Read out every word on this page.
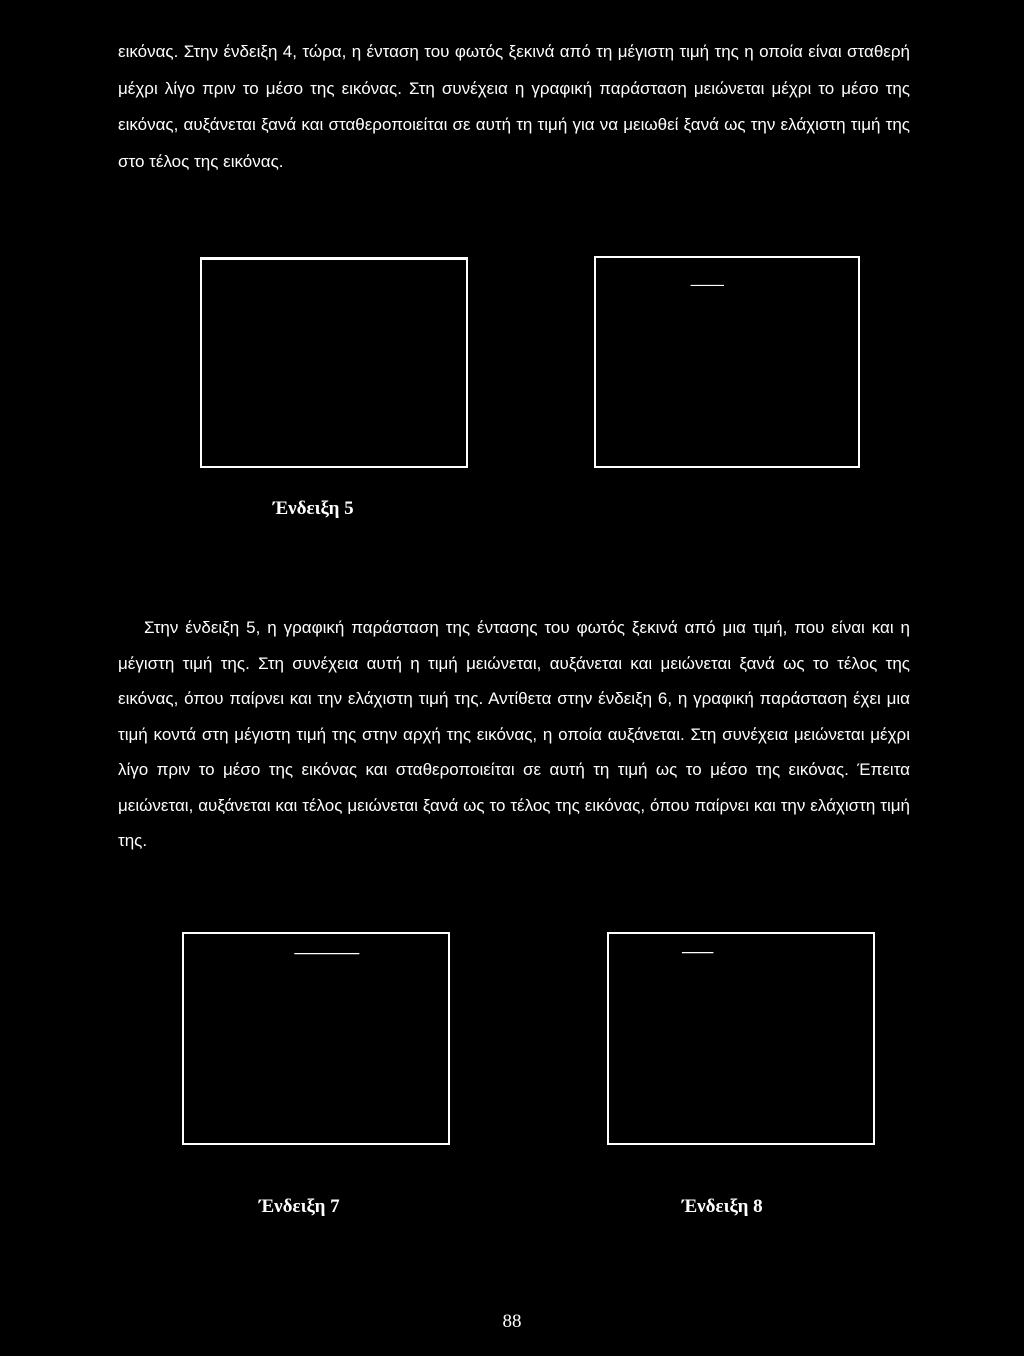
εικόνας. Στην ένδειξη 4, τώρα, η ένταση του φωτός ξεκινά από τη μέγιστη τιμή της η οποία είναι σταθερή μέχρι λίγο πριν το μέσο της εικόνας. Στη συνέχεια η γραφική παράσταση μειώνεται μέχρι το μέσο της εικόνας, αυξάνεται ξανά και σταθεροποιείται σε αυτή τη τιμή για να μειωθεί ξανά ως την ελάχιστη τιμή της στο τέλος της εικόνας.

Ένδειξη 5

Στην ένδειξη 5, η γραφική παράσταση της έντασης του φωτός ξεκινά από μια τιμή, που είναι και η μέγιστη τιμή της. Στη συνέχεια αυτή η τιμή μειώνεται, αυξάνεται και μειώνεται ξανά ως το τέλος της εικόνας, όπου παίρνει και την ελάχιστη τιμή της. Αντίθετα στην ένδειξη 6, η γραφική παράσταση έχει μια τιμή κοντά στη μέγιστη τιμή της στην αρχή της εικόνας, η οποία αυξάνεται. Στη συνέχεια μειώνεται μέχρι λίγο πριν το μέσο της εικόνας και σταθεροποιείται σε αυτή τη τιμή ως το μέσο της εικόνας. Έπειτα μειώνεται, αυξάνεται και τέλος μειώνεται ξανά ως το τέλος της εικόνας, όπου παίρνει και την ελάχιστη τιμή της.

Ένδειξη 7	Ένδειξη 8
88
